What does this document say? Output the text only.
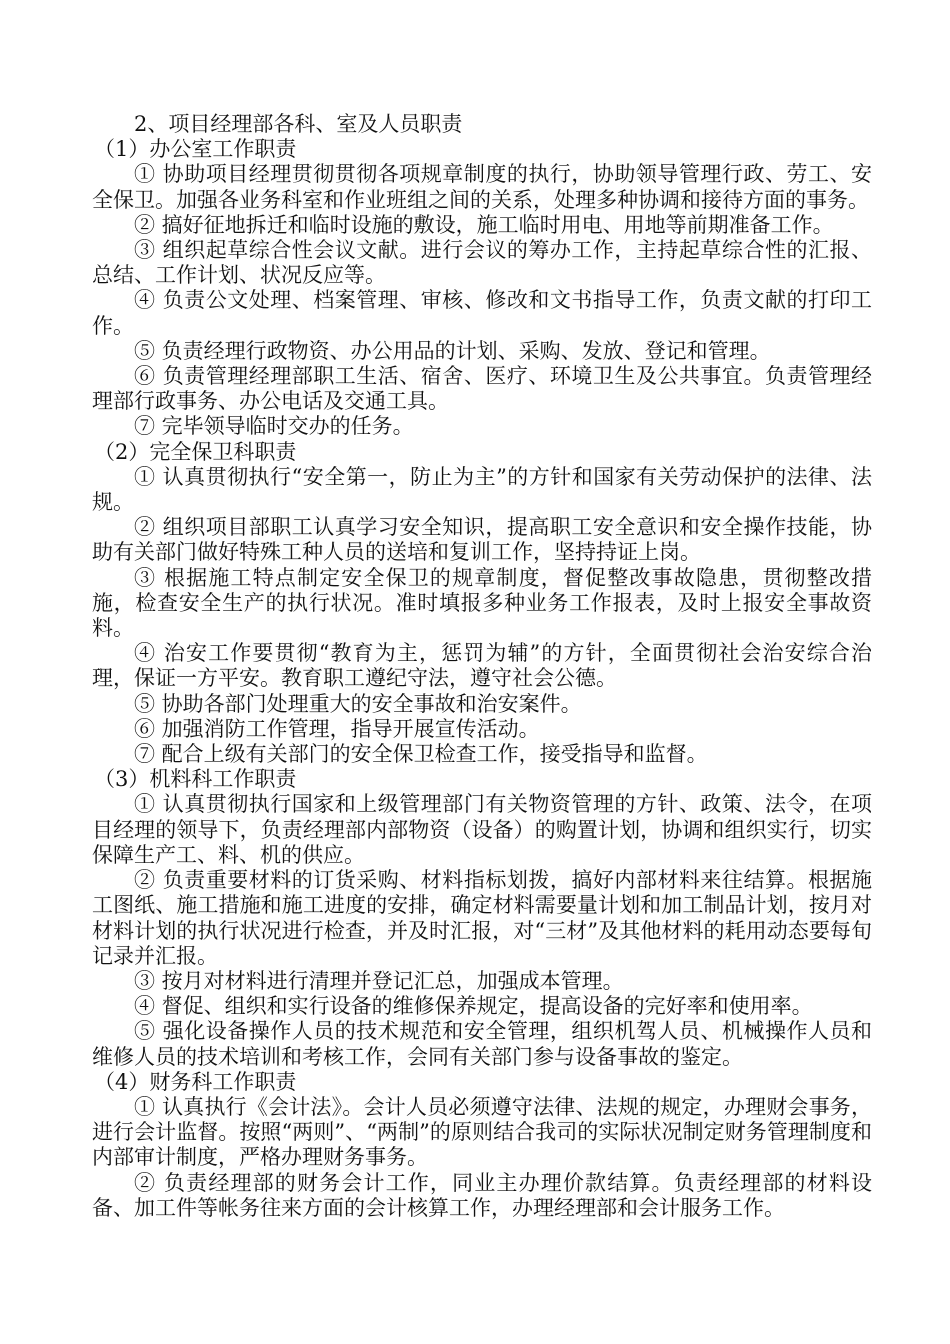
2、项目经理部各科、室及人员职责

（1）办公室工作职责

① 协助项目经理贯彻贯彻各项规章制度的执行，协助领导管理行政、劳工、安全保卫。加强各业务科室和作业班组之间的关系，处理多种协调和接待方面的事务。

② 搞好征地拆迁和临时设施的敷设，施工临时用电、用地等前期准备工作。

③ 组织起草综合性会议文献。进行会议的筹办工作，主持起草综合性的汇报、总结、工作计划、状况反应等。

④ 负责公文处理、档案管理、审核、修改和文书指导工作，负责文献的打印工作。

⑤ 负责经理行政物资、办公用品的计划、采购、发放、登记和管理。

⑥ 负责管理经理部职工生活、宿舍、医疗、环境卫生及公共事宜。负责管理经理部行政事务、办公电话及交通工具。

⑦ 完毕领导临时交办的任务。

（2）完全保卫科职责

① 认真贯彻执行“安全第一，防止为主”的方针和国家有关劳动保护的法律、法规。

② 组织项目部职工认真学习安全知识，提高职工安全意识和安全操作技能，协助有关部门做好特殊工种人员的送培和复训工作，坚持持证上岗。

③ 根据施工特点制定安全保卫的规章制度，督促整改事故隐患，贯彻整改措施，检查安全生产的执行状况。准时填报多种业务工作报表，及时上报安全事故资料。

④ 治安工作要贯彻“教育为主，惩罚为辅”的方针，全面贯彻社会治安综合治理，保证一方平安。教育职工遵纪守法，遵守社会公德。

⑤ 协助各部门处理重大的安全事故和治安案件。

⑥ 加强消防工作管理，指导开展宣传活动。

⑦ 配合上级有关部门的安全保卫检查工作，接受指导和监督。

（3）机料科工作职责

① 认真贯彻执行国家和上级管理部门有关物资管理的方针、政策、法令，在项目经理的领导下，负责经理部内部物资（设备）的购置计划，协调和组织实行，切实保障生产工、料、机的供应。

② 负责重要材料的订货采购、材料指标划拨，搞好内部材料来往结算。根据施工图纸、施工措施和施工进度的安排，确定材料需要量计划和加工制品计划，按月对材料计划的执行状况进行检查，并及时汇报，对“三材”及其他材料的耗用动态要每旬记录并汇报。

③ 按月对材料进行清理并登记汇总，加强成本管理。

④ 督促、组织和实行设备的维修保养规定，提高设备的完好率和使用率。

⑤ 强化设备操作人员的技术规范和安全管理，组织机驾人员、机械操作人员和维修人员的技术培训和考核工作，会同有关部门参与设备事故的鉴定。

（4）财务科工作职责

① 认真执行《会计法》。会计人员必须遵守法律、法规的规定，办理财会事务，进行会计监督。按照“两则”、“两制”的原则结合我司的实际状况制定财务管理制度和内部审计制度，严格办理财务事务。

② 负责经理部的财务会计工作，同业主办理价款结算。负责经理部的材料设备、加工件等帐务往来方面的会计核算工作，办理经理部和会计服务工作。
